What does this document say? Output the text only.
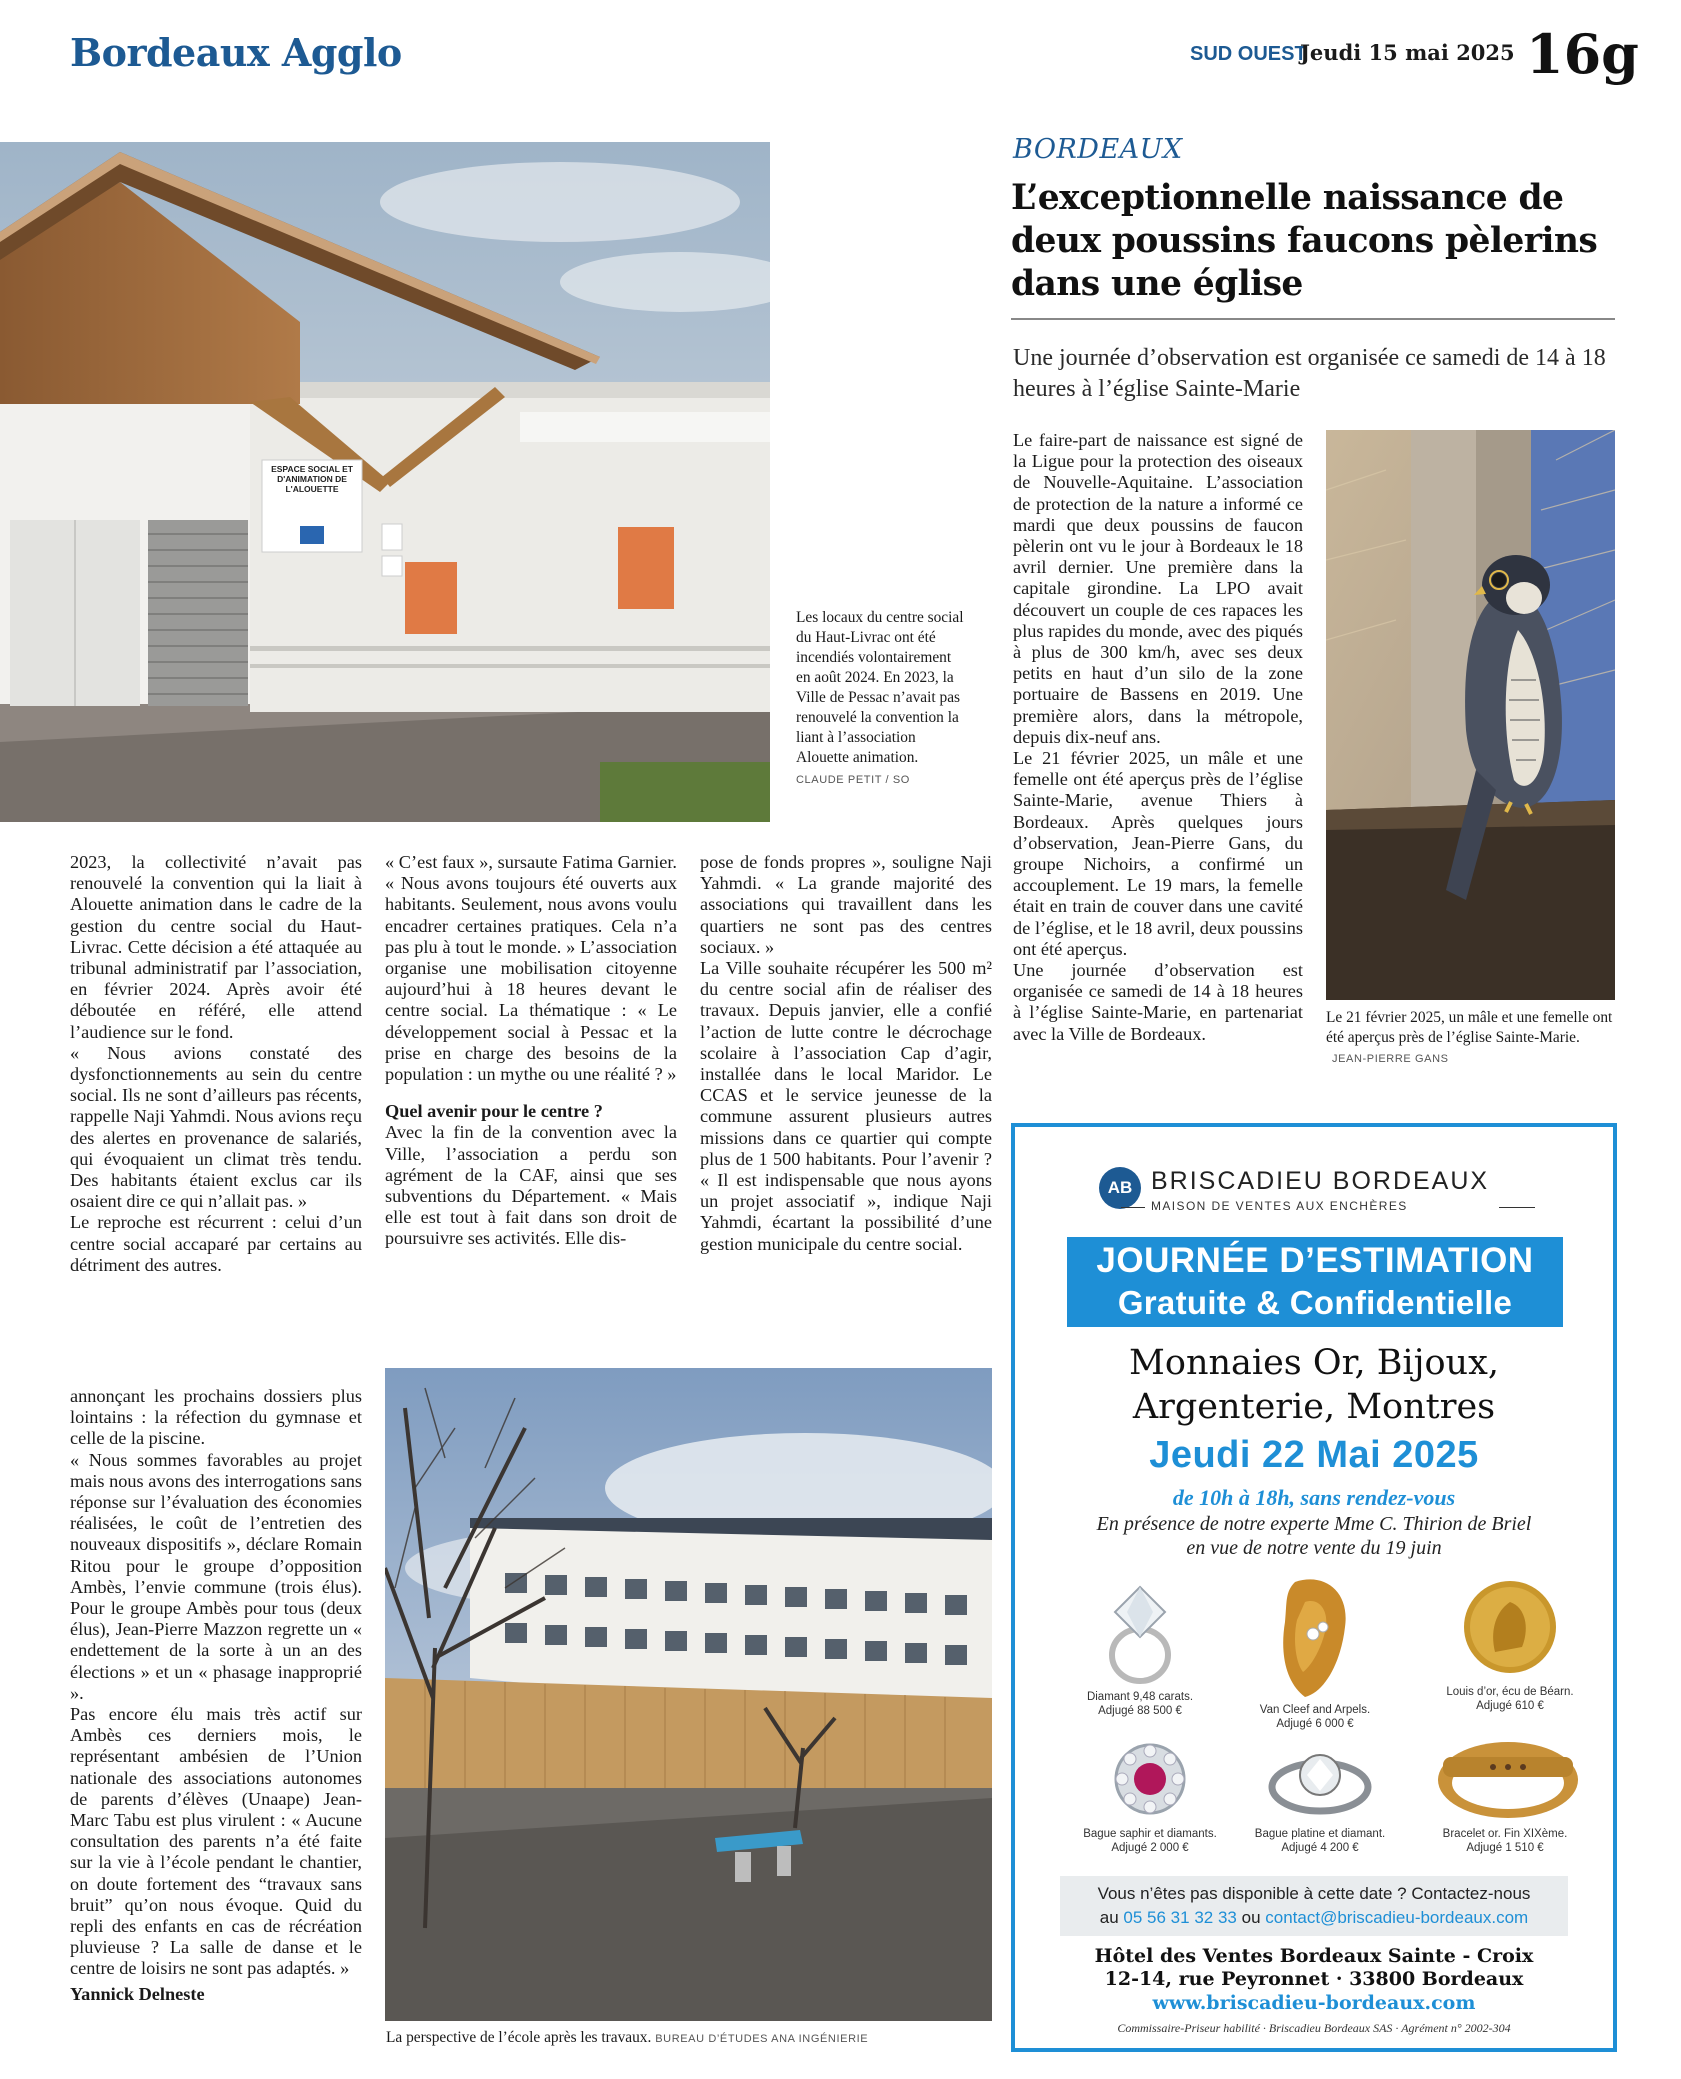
Bordeaux Agglo	SUD OUEST
Jeudi 15 mai 2025 16g
ESPACE SOCIAL ET D'ANIMATION DE L'ALOUETTE
Les locaux du centre social du Haut-Livrac ont été incendiés volontairement en août 2024. En 2023, la Ville de Pessac n’avait pas renouvelé la convention la liant à l’association Alouette animation.
CLAUDE PETIT / SO

2023, la collectivité n’avait pas renouvelé la convention qui la liait à Alouette animation dans le cadre de la gestion du centre social du Haut-Livrac. Cette décision a été attaquée au tribunal administratif par l’association, en février 2024. Après avoir été déboutée en référé, elle attend l’audience sur le fond.

« Nous avions constaté des dysfonctionnements au sein du centre social. Ils ne sont d’ailleurs pas récents, rappelle Naji Yahmdi. Nous avions reçu des alertes en provenance de salariés, qui évoquaient un climat très tendu. Des habitants étaient exclus car ils osaient dire ce qui n’allait pas. »

Le reproche est récurrent : celui d’un centre social accaparé par certains au détriment des autres.

« C’est faux », sursaute Fatima Garnier. « Nous avons toujours été ouverts aux habitants. Seulement, nous avons voulu encadrer certaines pratiques. Cela n’a pas plu à tout le monde. » L’association organise une mobilisation citoyenne aujourd’hui à 18 heures devant le centre social. La thématique : « Le développement social à Pessac et la prise en charge des besoins de la population : un mythe ou une réalité ? »

Quel avenir pour le centre ?

Avec la fin de la convention avec la Ville, l’association a perdu son agrément de la CAF, ainsi que ses subventions du Département. « Mais elle est tout à fait dans son droit de poursuivre ses activités. Elle dis-

pose de fonds propres », souligne Naji Yahmdi. « La grande majorité des associations qui travaillent dans les quartiers ne sont pas des centres sociaux. »

La Ville souhaite récupérer les 500 m² du centre social afin de réaliser des travaux. Depuis janvier, elle a confié l’action de lutte contre le décrochage scolaire à l’association Cap d’agir, installée dans le local Maridor. Le CCAS et le service jeunesse de la commune assurent plusieurs autres missions dans ce quartier qui compte plus de 1 500 habitants. Pour l’avenir ? « Il est indispensable que nous ayons un projet associatif », indique Naji Yahmdi, écartant la possibilité d’une gestion municipale du centre social.

annonçant les prochains dossiers plus lointains : la réfection du gymnase et celle de la piscine.

« Nous sommes favorables au projet mais nous avons des interrogations sans réponse sur l’évaluation des économies réalisées, le coût de l’entretien des nouveaux dispositifs », déclare Romain Ritou pour le groupe d’opposition Ambès, l’envie commune (trois élus). Pour le groupe Ambès pour tous (deux élus), Jean-Pierre Mazzon regrette un « endettement de la sorte à un an des élections » et un « phasage inapproprié ».

Pas encore élu mais très actif sur Ambès ces derniers mois, le représentant ambésien de l’Union nationale des associations autonomes de parents d’élèves (Unaape) Jean-Marc Tabu est plus virulent : « Aucune consultation des parents n’a été faite sur la vie à l’école pendant le chantier, on doute fortement des “travaux sans bruit” qu’on nous évoque. Quid du repli des enfants en cas de récréation pluvieuse ? La salle de danse et le centre de loisirs ne sont pas adaptés. »

Yannick Delneste

La perspective de l’école après les travaux. BUREAU D’ÉTUDES ANA INGÉNIERIE
BORDEAUX
L’exceptionnelle naissance de deux poussins faucons pèlerins dans une église
Une journée d’observation est organisée ce samedi de 14 à 18 heures à l’église Sainte-Marie

Le faire-part de naissance est signé de la Ligue pour la protection des oiseaux de Nouvelle-Aquitaine. L’association de protection de la nature a informé ce mardi que deux poussins de faucon pèlerin ont vu le jour à Bordeaux le 18 avril dernier. Une première dans la capitale girondine. La LPO avait découvert un couple de ces rapaces les plus rapides du monde, avec des piqués à plus de 300 km/h, avec ses deux petits en haut d’un silo de la zone portuaire de Bassens en 2019. Une première alors, dans la métropole, depuis dix-neuf ans.

Le 21 février 2025, un mâle et une femelle ont été aperçus près de l’église Sainte-Marie, avenue Thiers à Bordeaux. Après quelques jours d’observation, Jean-Pierre Gans, du groupe Nichoirs, a confirmé un accouplement. Le 19 mars, la femelle était en train de couver dans une cavité de l’église, et le 18 avril, deux poussins ont été aperçus.

Une journée d’observation est organisée ce samedi de 14 à 18 heures à l’église Sainte-Marie, en partenariat avec la Ville de Bordeaux.

Le 21 février 2025, un mâle et une femelle ont été aperçus près de l’église Sainte-Marie. JEAN-PIERRE GANS
AB BRISCADIEU BORDEAUX
MAISON DE VENTES AUX ENCHÈRES
JOURNÉE D’ESTIMATION
Gratuite & Confidentielle
Monnaies Or, Bijoux,
Argenterie, Montres
Jeudi 22 Mai 2025
de 10h à 18h, sans rendez-vous
En présence de notre experte Mme C. Thirion de Briel
en vue de notre vente du 19 juin
Diamant 9,48 carats.
Adjugé 88 500 €	Van Cleef and Arpels.
Adjugé 6 000 €
Louis d’or, écu de Béarn.
Adjugé 610 €
Bague saphir et diamants.
Adjugé 2 000 €
Bague platine et diamant.
Adjugé 4 200 €
Bracelet or. Fin XIXème.
Adjugé 1 510 €
Vous n’êtes pas disponible à cette date ? Contactez-nous
au 05 56 31 32 33 ou contact@briscadieu-bordeaux.com
Hôtel des Ventes Bordeaux Sainte - Croix
12-14, rue Peyronnet · 33800 Bordeaux
www.briscadieu-bordeaux.com
Commissaire-Priseur habilité · Briscadieu Bordeaux SAS · Agrément n° 2002-304
